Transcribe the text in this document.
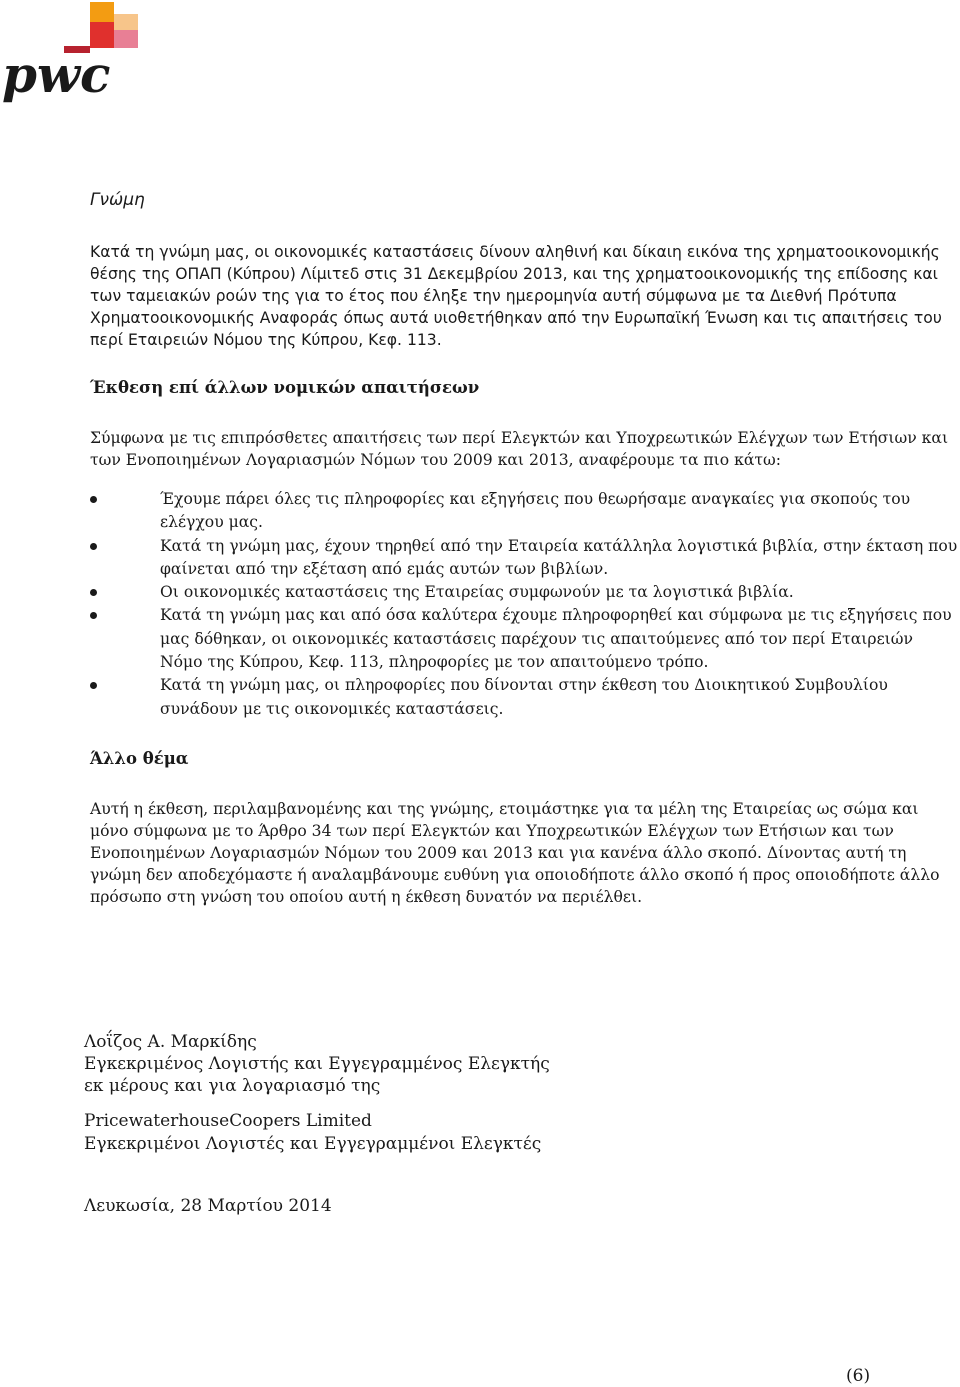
pwc
Γνώμη
Κατά τη γνώμη μας, οι οικονομικές καταστάσεις δίνουν αληθινή και δίκαιη εικόνα της χρηματοοικονομικής θέσης της ΟΠΑΠ (Κύπρου) Λίμιτεδ στις 31 Δεκεμβρίου 2013, και της χρηματοοικονομικής της επίδοσης και των ταμειακών ροών της για το έτος που έληξε την ημερομηνία αυτή σύμφωνα με τα Διεθνή Πρότυπα Χρηματοοικονομικής Αναφοράς όπως αυτά υιοθετήθηκαν από την Ευρωπαϊκή Ένωση και τις απαιτήσεις του περί Εταιρειών Νόμου της Κύπρου, Κεφ. 113.
Έκθεση επί άλλων νομικών απαιτήσεων
Σύμφωνα με τις επιπρόσθετες απαιτήσεις των περί Ελεγκτών και Υποχρεωτικών Ελέγχων των Ετήσιων και των Ενοποιημένων Λογαριασμών Νόμων του 2009 και 2013, αναφέρουμε τα πιο κάτω:
Έχουμε πάρει όλες τις πληροφορίες και εξηγήσεις που θεωρήσαμε αναγκαίες για σκοπούς του ελέγχου μας.
Κατά τη γνώμη μας, έχουν τηρηθεί από την Εταιρεία κατάλληλα λογιστικά βιβλία, στην έκταση που φαίνεται από την εξέταση από εμάς αυτών των βιβλίων.
Οι οικονομικές καταστάσεις της Εταιρείας συμφωνούν με τα λογιστικά βιβλία.
Κατά τη γνώμη μας και από όσα καλύτερα έχουμε πληροφορηθεί και σύμφωνα με τις εξηγήσεις που μας δόθηκαν, οι οικονομικές καταστάσεις παρέχουν τις απαιτούμενες από τον περί Εταιρειών Νόμο της Κύπρου, Κεφ. 113, πληροφορίες με τον απαιτούμενο τρόπο.
Κατά τη γνώμη μας, οι πληροφορίες που δίνονται στην έκθεση του Διοικητικού Συμβουλίου συνάδουν με τις οικονομικές καταστάσεις.
Άλλο θέμα
Αυτή η έκθεση, περιλαμβανομένης και της γνώμης, ετοιμάστηκε για τα μέλη της Εταιρείας ως σώμα και μόνο σύμφωνα με το Άρθρο 34 των περί Ελεγκτών και Υποχρεωτικών Ελέγχων των Ετήσιων και των Ενοποιημένων Λογαριασμών Νόμων του 2009 και 2013 και για κανένα άλλο σκοπό. Δίνοντας αυτή τη γνώμη δεν αποδεχόμαστε ή αναλαμβάνουμε ευθύνη για οποιοδήποτε άλλο σκοπό ή προς οποιοδήποτε άλλο πρόσωπο στη γνώση του οποίου αυτή η έκθεση δυνατόν να περιέλθει.
Λοΐζος Α. Μαρκίδης
Εγκεκριμένος Λογιστής και Εγγεγραμμένος Ελεγκτής
εκ μέρους και για λογαριασμό της
PricewaterhouseCoopers Limited
Εγκεκριμένοι Λογιστές και Εγγεγραμμένοι Ελεγκτές
Λευκωσία, 28 Μαρτίου 2014
(6)
